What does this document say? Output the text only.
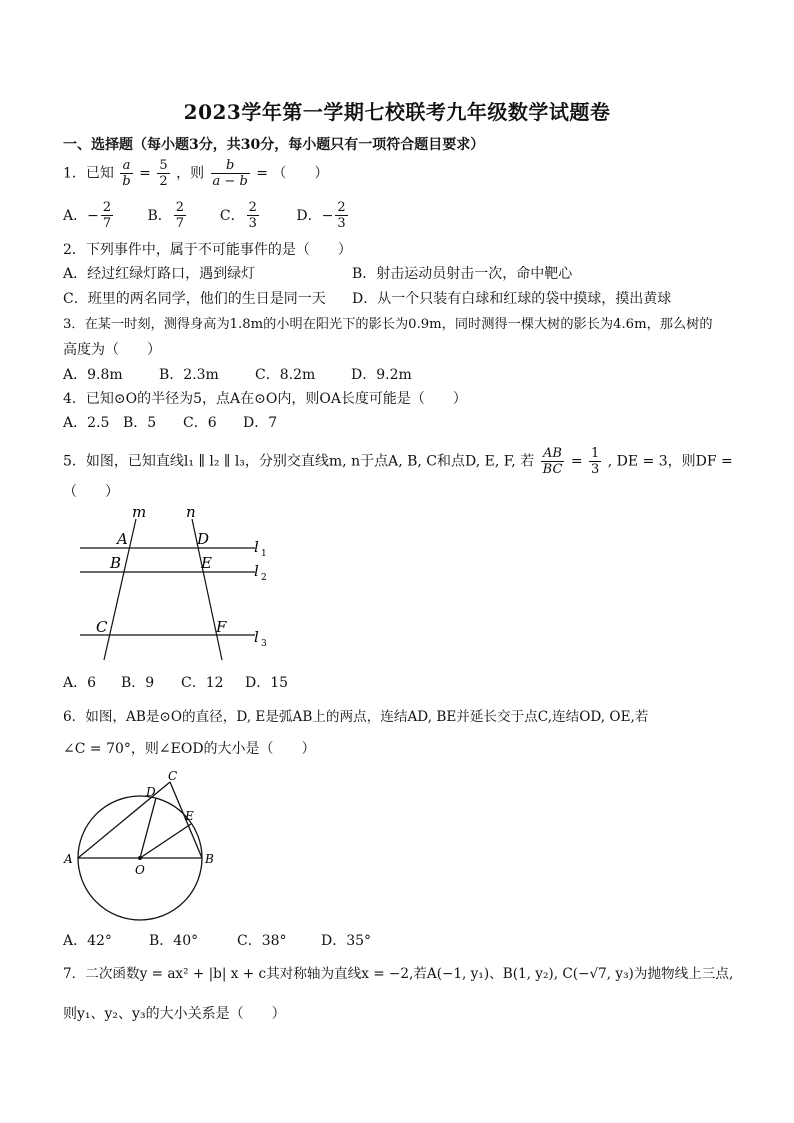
2023学年第一学期七校联考九年级数学试题卷
一、选择题（每小题3分，共30分，每小题只有一项符合题目要求）
1．已知 $\frac{a}{b} = \frac{5}{2}$ ，则 $\frac{b}{a - b}$ = （　　）
A．− $\frac{2}{7}$ B． $\frac{2}{7}$ C． $\frac{2}{3}$	D．− $\frac{2}{3}$
2．下列事件中，属于不可能事件的是（　　）
A．经过红绿灯路口，遇到绿灯	B．射击运动员射击一次，命中靶心
C．班里的两名同学，他们的生日是同一天 D．从一个只装有白球和红球的袋中摸球，摸出黄球
3．在某一时刻，测得身高为1.8m的小明在阳光下的影长为0.9m，同时测得一棵大树的影长为4.6m，那么树的
高度为（　　）
A．9.8m	B．2.3m	C．8.2m	D．9.2m
4．已知⊙O的半径为5，点A在⊙O内，则OA长度可能是（　　）
A．2.5 B．5 C．6 D．7
5．如图，已知直线l₁ ∥ l₂ ∥ l₃，分别交直线m, n于点A, B, C和点D, E, F, 若 $\frac{AB}{BC} = \frac{1}{3}$ , DE = 3，则DF =
（　　）
m	n
A	D
B	E
C	F
l 1
l 2
l 3
A．6 B．9 C．12 D．15
6．如图，AB是⊙O的直径，D, E是弧AB上的两点，连结AD, BE并延长交于点C,连结OD, OE,若
∠C = 70°，则∠EOD的大小是（　　）
A	B
C
D
E
O
A．42°	B．40°	C．38° D．35°
7．二次函数y = ax² + |b| x + c其对称轴为直线x = −2,若A(−1, y₁)、B(1, y₂), C(−√7, y₃)为抛物线上三点,
则y₁、y₂、y₃的大小关系是（　　）
